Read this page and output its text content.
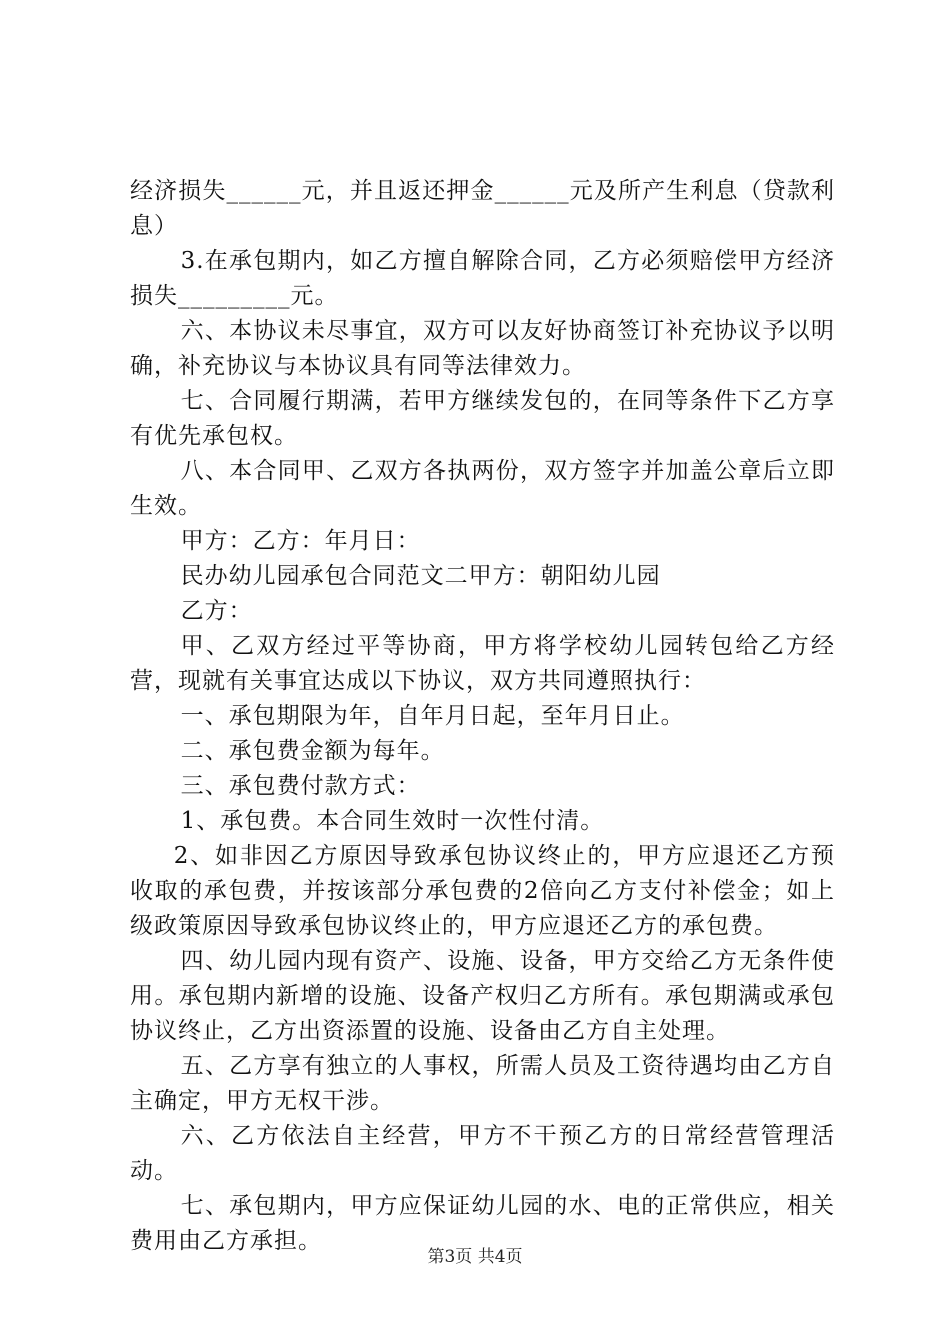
经济损失______元，并且返还押金______元及所产生利息（贷款利息）

3.在承包期内，如乙方擅自解除合同，乙方必须赔偿甲方经济损失_________元。

六、本协议未尽事宜，双方可以友好协商签订补充协议予以明确，补充协议与本协议具有同等法律效力。

七、合同履行期满，若甲方继续发包的，在同等条件下乙方享有优先承包权。

八、本合同甲、乙双方各执两份，双方签字并加盖公章后立即生效。

甲方：乙方：年月日：

民办幼儿园承包合同范文二甲方：朝阳幼儿园

乙方：

甲、乙双方经过平等协商，甲方将学校幼儿园转包给乙方经营，现就有关事宜达成以下协议，双方共同遵照执行：

一、承包期限为年，自年月日起，至年月日止。

二、承包费金额为每年。

三、承包费付款方式：

1、承包费。本合同生效时一次性付清。

2、如非因乙方原因导致承包协议终止的，甲方应退还乙方预收取的承包费，并按该部分承包费的2倍向乙方支付补偿金；如上级政策原因导致承包协议终止的，甲方应退还乙方的承包费。

四、幼儿园内现有资产、设施、设备，甲方交给乙方无条件使用。承包期内新增的设施、设备产权归乙方所有。承包期满或承包协议终止，乙方出资添置的设施、设备由乙方自主处理。

五、乙方享有独立的人事权，所需人员及工资待遇均由乙方自主确定，甲方无权干涉。

六、乙方依法自主经营，甲方不干预乙方的日常经营管理活动。

七、承包期内，甲方应保证幼儿园的水、电的正常供应，相关费用由乙方承担。

第3页 共4页
